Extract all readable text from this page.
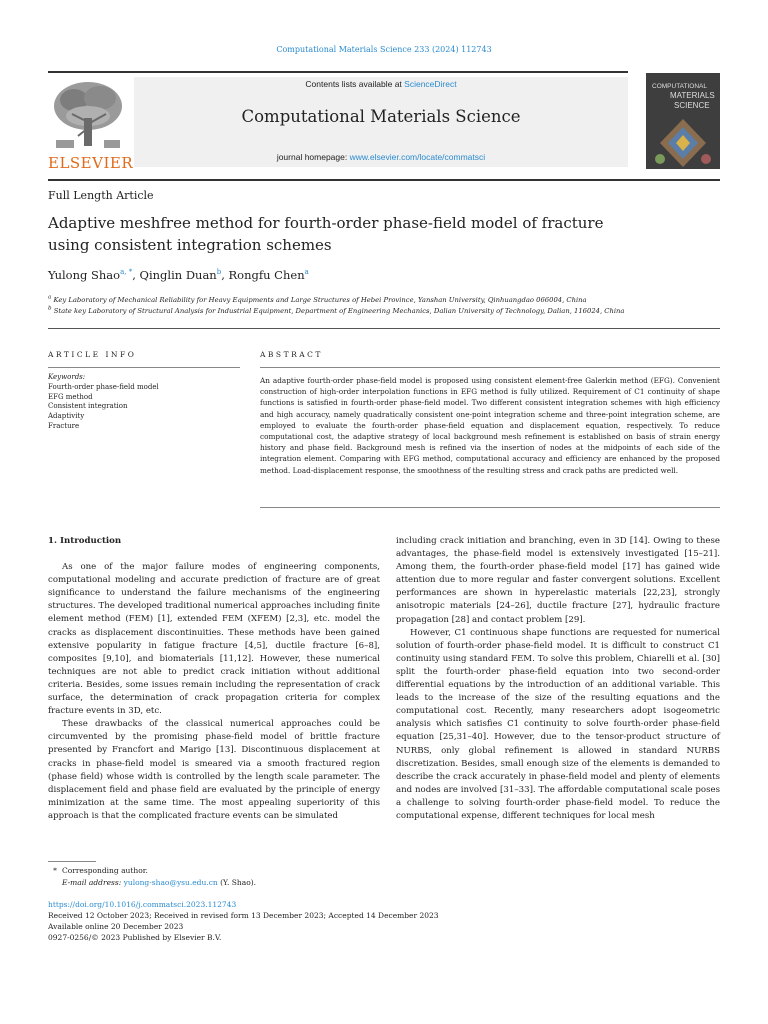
Computational Materials Science 233 (2024) 112743
ELSEVIER
Contents lists available at ScienceDirect
Computational Materials Science
journal homepage: www.elsevier.com/locate/commatsci
COMPUTATIONAL
MATERIALS
SCIENCE
Full Length Article
Adaptive meshfree method for fourth-order phase-field model of fracture
using consistent integration schemes
Yulong Shao$^{a, *}$, Qinglin Duan$^b$, Rongfu Chen$^a$
$^a$ Key Laboratory of Mechanical Reliability for Heavy Equipments and Large Structures of Hebei Province, Yanshan University, Qinhuangdao 066004, China
$^b$ State key Laboratory of Structural Analysis for Industrial Equipment, Department of Engineering Mechanics, Dalian University of Technology, Dalian, 116024, China
ARTICLE INFO
Keywords:
Fourth-order phase-field model
EFG method
Consistent integration
Adaptivity
Fracture
ABSTRACT
An adaptive fourth-order phase-field model is proposed using consistent element-free Galerkin method (EFG). Convenient construction of high-order interpolation functions in EFG method is fully utilized. Requirement of C1 continuity of shape functions is satisfied in fourth-order phase-field model. Two different consistent integration schemes with high efficiency and high accuracy, namely quadratically consistent one-point integration scheme and three-point integration scheme, are employed to evaluate the fourth-order phase-field equation and displacement equation, respectively. To reduce computational cost, the adaptive strategy of local background mesh refinement is established on basis of strain energy history and phase field. Background mesh is refined via the insertion of nodes at the midpoints of each side of the integration element. Comparing with EFG method, computational accuracy and efficiency are enhanced by the proposed method. Load-displacement response, the smoothness of the resulting stress and crack paths are predicted well.
1. Introduction

As one of the major failure modes of engineering components, computational modeling and accurate prediction of fracture are of great significance to understand the failure mechanisms of the engineering structures. The developed traditional numerical approaches including finite element method (FEM) [1], extended FEM (XFEM) [2,3], etc. model the cracks as displacement discontinuities. These methods have been gained extensive popularity in fatigue fracture [4,5], ductile fracture [6–8], composites [9,10], and biomaterials [11,12]. However, these numerical techniques are not able to predict crack initiation without additional criteria. Besides, some issues remain including the representation of crack surface, the determination of crack propagation criteria for complex fracture events in 3D, etc.

These drawbacks of the classical numerical approaches could be circumvented by the promising phase-field model of brittle fracture presented by Francfort and Marigo [13]. Discontinuous displacement at cracks in phase-field model is smeared via a smooth fractured region (phase field) whose width is controlled by the length scale parameter. The displacement field and phase field are evaluated by the principle of energy minimization at the same time. The most appealing superiority of this approach is that the complicated fracture events can be simulated

including crack initiation and branching, even in 3D [14]. Owing to these advantages, the phase-field model is extensively investigated [15–21]. Among them, the fourth-order phase-field model [17] has gained wide attention due to more regular and faster convergent solutions. Excellent performances are shown in hyperelastic materials [22,23], strongly anisotropic materials [24–26], ductile fracture [27], hydraulic fracture propagation [28] and contact problem [29].

However, C1 continuous shape functions are requested for numerical solution of fourth-order phase-field model. It is difficult to construct C1 continuity using standard FEM. To solve this problem, Chiarelli et al. [30] split the fourth-order phase-field equation into two second-order differential equations by the introduction of an additional variable. This leads to the increase of the size of the resulting equations and the computational cost. Recently, many researchers adopt isogeometric analysis which satisfies C1 continuity to solve fourth-order phase-field equation [25,31–40]. However, due to the tensor-product structure of NURBS, only global refinement is allowed in standard NURBS discretization. Besides, small enough size of the elements is demanded to describe the crack accurately in phase-field model and plenty of elements and nodes are involved [31–33]. The affordable computational scale poses a challenge to solving fourth-order phase-field model. To reduce the computational expense, different techniques for local mesh

* Corresponding author.
E-mail address: yulong-shao@ysu.edu.cn (Y. Shao).
https://doi.org/10.1016/j.commatsci.2023.112743
Received 12 October 2023; Received in revised form 13 December 2023; Accepted 14 December 2023
Available online 20 December 2023
0927-0256/© 2023 Published by Elsevier B.V.
